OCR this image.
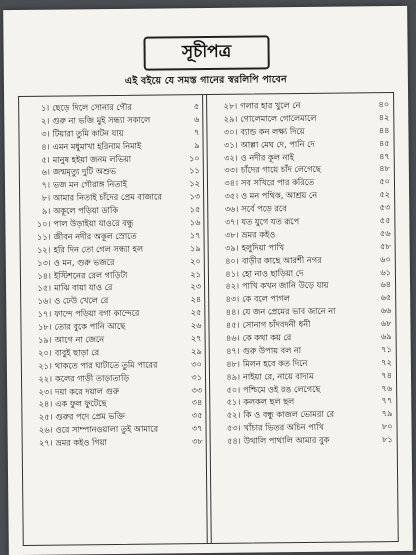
সূচীপত্র
এই বইয়ে যে সমস্ত গানের স্বরলিপি পাবেন
১। ছেড়ে দিলে সোনার গৌর	৫
২। গুরু না ভজি মুই সন্ধ্যা সকালে	৬
৩। টিয়ারা তুমি কাটন যায়	৭
৪। এমন মধুমাখা হরিনাম নিমাই	৯
৫। মানুষ হইয়া জনম লভিয়া	১০
৬। জন্মমৃত্যু দুটি অশুভ	১১
৭। ভজ মন গৌরাঙ্গ নিতাই	১২
৮। আমার নিতাই চাঁদের প্রেম বাজারে	১৩
৯। অকূলে পড়িয়া ডাকি	১৫
১০। পাল উড়াইয়া যাওরে বন্ধু	১৬
১১। জীবন নদীর অকূল স্রোতে	১৭
১২। হরি দিন তো গেল সন্ধ্যা হল	১৯
১৩। ও মন, গুরু ভজরে	২০
১৪। ইস্টিশনের রেল গাড়িটা	২১
১৫। মাঝি বায়া যাও রে	২৩
১৬। ও ঢেউ খেলে রে	২৪
১৭। ফান্দে পড়িয়া বগা কান্দেরে	২৫
১৮। তোর বুকে পানি আছে	২৬
১৯। আগে না জেনে	২৭
২০। বাবুই ছাড়া রে	২৯
২১। থাকতে পার ঘাটাতে তুমি পারের	৩০
২২। কলের গাড়ী তাড়াতাড়ি	৩১
২৩। দয়া করে দয়াল গুরু	৩৩
২৪। এক ফুল ফুটেছে	৩৪
২৫। গুরুর পদে প্রেম ভক্তি	৩৫
২৬। ওরে সাম্পানওয়ালা তুই আমারে	৩৭
২৭। ভ্রমর কইও গিয়া	৩৮
২৮। গলার হার খুলে নে	৪০
২৯। গোলেমালে গোলেমালে	৪২
৩০। ব্যান্ড কন লক্ষ্য দিয়ে	৪৪
৩১। আল্লা মেঘ দে, পানি দে	৪৫
৩২। ও নদীর কূল নাই	৪৭
৩৩। চাঁদের গায়ে চাঁদ লেগেছে	৪৮
৩৪। সব সখিরে পার করিতে	৫০
৩৫। ও মন পথিক, আশ্রয় নে	৫২
৩৬। সর্বে পড়ে রবে	৫৩
৩৭। যত যুগে যত রূপে	৫৫
৩৮। ভ্রমর কইও	৫৬
৩৯। হলুদিয়া পাখি	৫৮
৪০। বাড়ীর কাছে আরশী নগর	৬০
৪১। হো নাও ছাড়িয়া দে	৬১
৪২। পাখি কখন জানি উড়ে যায়	৬৪
৪৩। কে বলে পাগল	৬৫
৪৪। যে জন প্রেমের ভাব জানে না	৬৬
৪৫। সোনাগ চাঁদবদনী ধনী	৬৮
৪৬। কে কথা কয় রে	৬৯
৪৭। গুরু উপায় বল না	৭১
৪৮। মিলন হবে কত দিনে	৭২
৪৯। নাইয়া রে, নায়ে বাদাম	৭৪
৫০। পশ্চিমে ওই রঙ লেগেছে	৭৬
৫১। কলকল ছল ছল	৭৭
৫২। কি ও বন্ধু কাজল ভোমরা রে	৭৯
৫৩। খাঁচার ভিতর অচিন পাখি	৮০
৫৪। উথালি পাথালি আমার বুক	৮১
